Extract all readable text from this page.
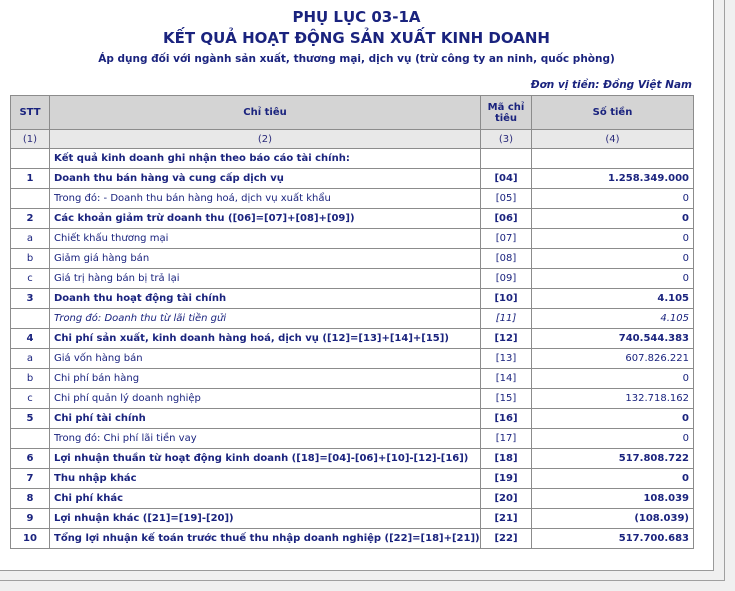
PHỤ LỤC 03-1A
KẾT QUẢ HOẠT ĐỘNG SẢN XUẤT KINH DOANH
Áp dụng đối với ngành sản xuất, thương mại, dịch vụ (trừ công ty an ninh, quốc phòng)
Đơn vị tiền: Đồng Việt Nam
STT	Chỉ tiêu	Mã chỉ tiêu	Số tiền
(1)	(2)	(3)	(4)
	Kết quả kinh doanh ghi nhận theo báo cáo tài chính:		
1	Doanh thu bán hàng và cung cấp dịch vụ	[04]	1.258.349.000
	Trong đó: - Doanh thu bán hàng hoá, dịch vụ xuất khẩu	[05]	0
2	Các khoản giảm trừ doanh thu ([06]=[07]+[08]+[09])	[06]	0
a	Chiết khấu thương mại	[07]	0
b	Giảm giá hàng bán	[08]	0
c	Giá trị hàng bán bị trả lại	[09]	0
3	Doanh thu hoạt động tài chính	[10]	4.105
	Trong đó: Doanh thu từ lãi tiền gửi	[11]	4.105
4	Chi phí sản xuất, kinh doanh hàng hoá, dịch vụ ([12]=[13]+[14]+[15])	[12]	740.544.383
a	Giá vốn hàng bán	[13]	607.826.221
b	Chi phí bán hàng	[14]	0
c	Chi phí quản lý doanh nghiệp	[15]	132.718.162
5	Chi phí tài chính	[16]	0
	Trong đó: Chi phí lãi tiền vay	[17]	0
6	Lợi nhuận thuần từ hoạt động kinh doanh ([18]=[04]-[06]+[10]-[12]-[16])	[18]	517.808.722
7	Thu nhập khác	[19]	0
8	Chi phí khác	[20]	108.039
9	Lợi nhuận khác ([21]=[19]-[20])	[21]	(108.039)
10	Tổng lợi nhuận kế toán trước thuế thu nhập doanh nghiệp ([22]=[18]+[21])	[22]	517.700.683
